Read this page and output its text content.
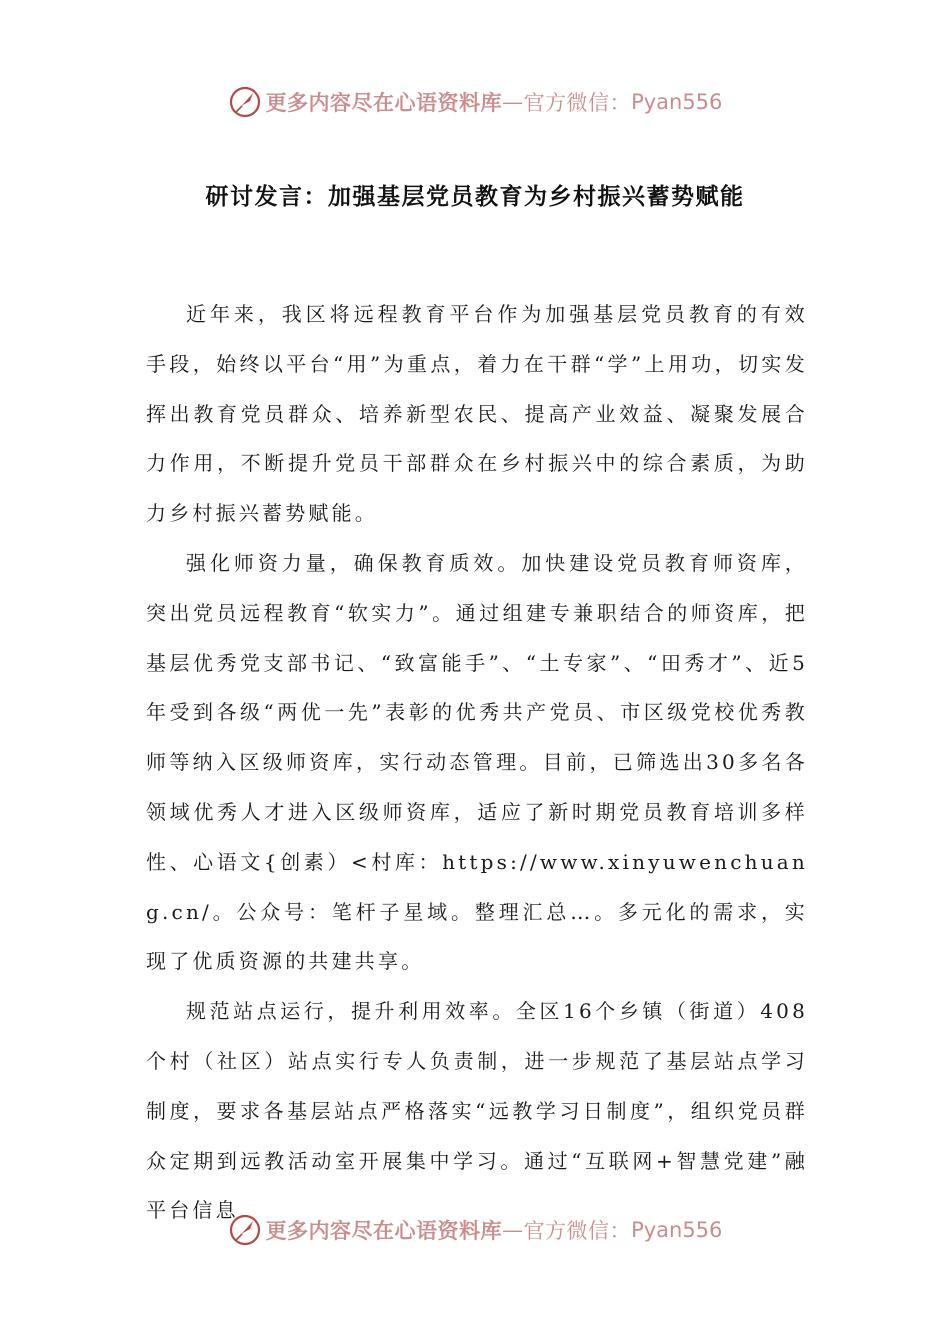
更多内容尽在心语资料库 — 官方微信： Pyan556
研讨发言：加强基层党员教育为乡村振兴蓄势赋能

近年来，我区将远程教育平台作为加强基层党员教育的有效手段，始终以平台“用”为重点，着力在干群“学”上用功，切实发挥出教育党员群众、培养新型农民、提高产业效益、凝聚发展合力作用，不断提升党员干部群众在乡村振兴中的综合素质，为助力乡村振兴蓄势赋能。

强化师资力量，确保教育质效。加快建设党员教育师资库，突出党员远程教育“软实力”。通过组建专兼职结合的师资库，把基层优秀党支部书记、“致富能手”、“土专家”、“田秀才”、近5年受到各级“两优一先”表彰的优秀共产党员、市区级党校优秀教师等纳入区级师资库，实行动态管理。目前，已筛选出30多名各领域优秀人才进入区级师资库，适应了新时期党员教育培训多样性、心语文{创素）<村库：https://www.xinyuwenchuang.cn/。公众号：笔杆子星域。整理汇总…。多元化的需求，实现了优质资源的共建共享。

规范站点运行，提升利用效率。全区16个乡镇（街道）408个村（社区）站点实行专人负责制，进一步规范了基层站点学习制度，要求各基层站点严格落实“远教学习日制度”，组织党员群众定期到远教活动室开展集中学习。通过“互联网+智慧党建”融平台信息

更多内容尽在心语资料库 — 官方微信： Pyan556
